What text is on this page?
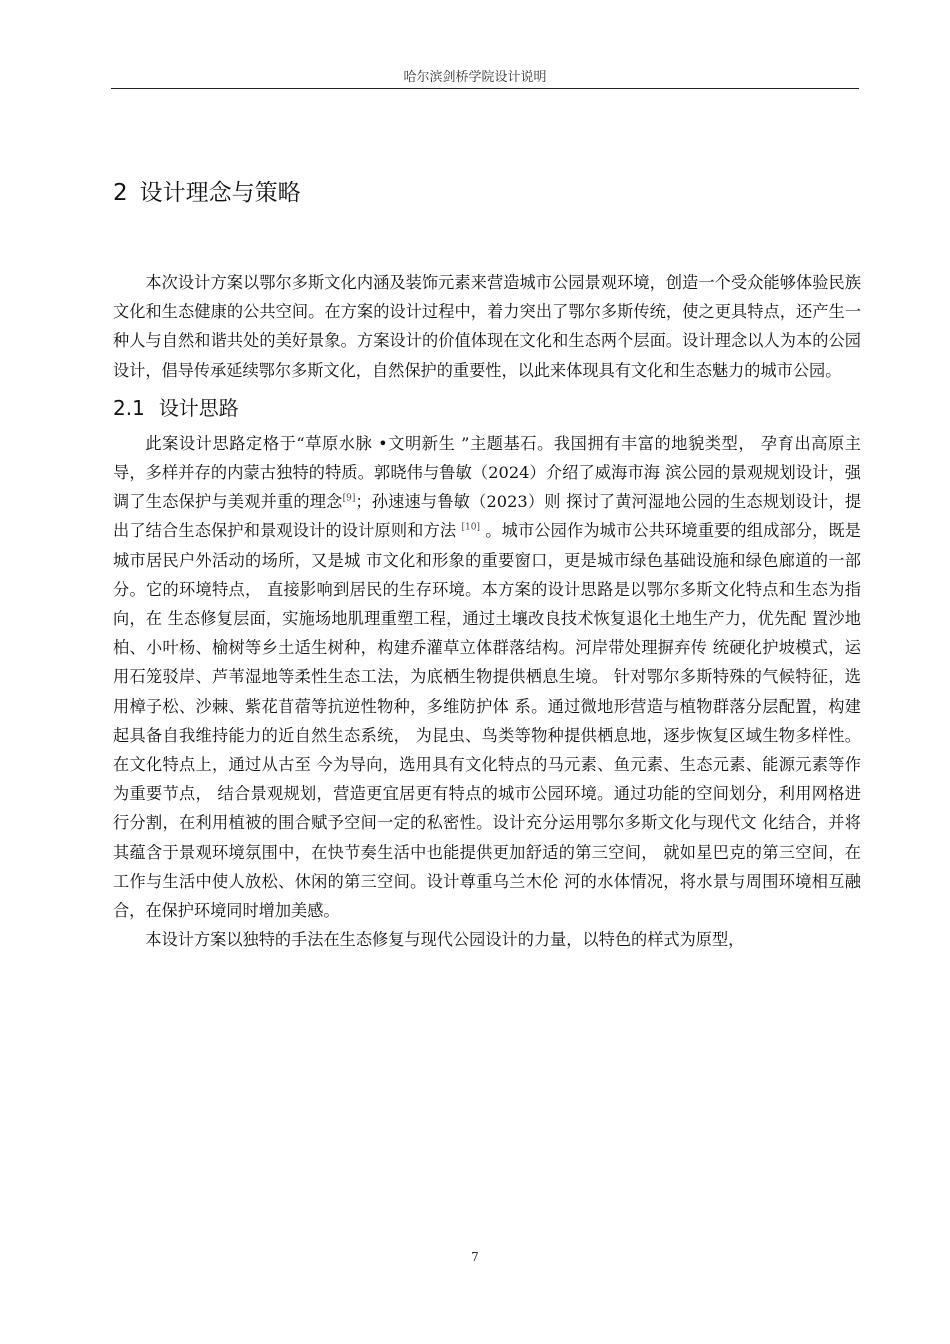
哈尔滨剑桥学院设计说明
2 设计理念与策略

本次设计方案以鄂尔多斯文化内涵及装饰元素来营造城市公园景观环境，创造一个受众能够体验民族文化和生态健康的公共空间。在方案的设计过程中，着力突出了鄂尔多斯传统，使之更具特点，还产生一种人与自然和谐共处的美好景象。方案设计的价值体现在文化和生态两个层面。设计理念以人为本的公园设计，倡导传承延续鄂尔多斯文化，自然保护的重要性，以此来体现具有文化和生态魅力的城市公园。

2.1 设计思路

此案设计思路定格于“草原水脉 •文明新生 ”主题基石。我国拥有丰富的地貌类型， 孕育出高原主导，多样并存的内蒙古独特的特质。郭晓伟与鲁敏（2024）介绍了威海市海 滨公园的景观规划设计，强调了生态保护与美观并重的理念[9]；孙速速与鲁敏（2023）则 探讨了黄河湿地公园的生态规划设计，提出了结合生态保护和景观设计的设计原则和方法 [10] 。城市公园作为城市公共环境重要的组成部分，既是城市居民户外活动的场所，又是城 市文化和形象的重要窗口，更是城市绿色基础设施和绿色廊道的一部分。它的环境特点， 直接影响到居民的生存环境。本方案的设计思路是以鄂尔多斯文化特点和生态为指向，在 生态修复层面，实施场地肌理重塑工程，通过土壤改良技术恢复退化土地生产力，优先配 置沙地柏、小叶杨、榆树等乡土适生树种，构建乔灌草立体群落结构。河岸带处理摒弃传 统硬化护坡模式，运用石笼驳岸、芦苇湿地等柔性生态工法，为底栖生物提供栖息生境。 针对鄂尔多斯特殊的气候特征，选用樟子松、沙棘、紫花苜蓿等抗逆性物种，多维防护体 系。通过微地形营造与植物群落分层配置，构建起具备自我维持能力的近自然生态系统， 为昆虫、鸟类等物种提供栖息地，逐步恢复区域生物多样性。在文化特点上，通过从古至 今为导向，选用具有文化特点的马元素、鱼元素、生态元素、能源元素等作为重要节点， 结合景观规划，营造更宜居更有特点的城市公园环境。通过功能的空间划分，利用网格进 行分割，在利用植被的围合赋予空间一定的私密性。设计充分运用鄂尔多斯文化与现代文 化结合，并将其蕴含于景观环境氛围中，在快节奏生活中也能提供更加舒适的第三空间， 就如星巴克的第三空间，在工作与生活中使人放松、休闲的第三空间。设计尊重乌兰木伦 河的水体情况，将水景与周围环境相互融合，在保护环境同时增加美感。

本设计方案以独特的手法在生态修复与现代公园设计的力量，以特色的样式为原型，

7
